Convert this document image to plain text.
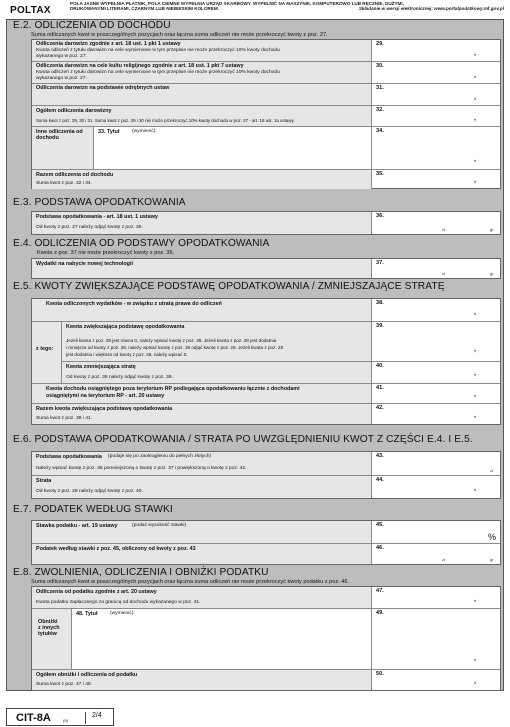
POLTAX
POLA JASNE WYPEŁNIA PŁATNIK, POLA CIEMNE WYPEŁNIA URZĄD SKARBOWY. WYPEŁNIĆ NA MASZYNIE, KOMPUTEROWO LUB RĘCZNIE, DUŻYMI,
DRUKOWANYMI LITERAMI, CZARNYM LUB NIEBIESKIM KOLOREM.	Składanie w wersji elektronicznej: www.portalpodatkowy.mf.gov.pl
E.2. ODLICZENIA OD DOCHODU
Suma odliczanych kwot w poszczególnych pozycjach oraz łączna suma odliczeń nie może przekroczyć kwoty z poz. 27.
Odliczenia darowizn zgodnie z art. 18 ust. 1 pkt 1 ustawy
Kwota odliczeń z tytułu darowizn na cele wymienione w tym przepisie nie może przekroczyć 10% kwoty dochodu
wykazanego w poz. 27.
29.
,
Odliczenia darowizn na cele kultu religijnego zgodnie z art. 18 ust. 1 pkt 7 ustawy
Kwota odliczeń z tytułu darowizn na cele wymienione w tym przepisie nie może przekroczyć 10% kwoty dochodu
wykazanego w poz. 27.
30.
,
Odliczenia darowizn na podstawie odrębnych ustaw	31.
,
Ogółem odliczenia darowizny
Suma kwot z poz. 29, 30 i 31. Suma kwot z poz. 29 i 30 nie może przekroczyć 10% kwoty dochodu w poz. 27 - art. 18 ust. 1a ustawy.
32.
,
Inne odliczenia od dochodu
33. Tytuł	(wymienić):	34.
,
Razem odliczenia od dochodu
Suma kwot z poz. 32 i 34.
35.
,
E.3. PODSTAWA OPODATKOWANIA
Podstawa opodatkowania - art. 18 ust. 1 ustawy
Od kwoty z poz. 27 należy odjąć kwotę z poz. 35.
36.
zł	gr
E.4. ODLICZENIA OD PODSTAWY OPODATKOWANIA
Kwota z poz. 37 nie może przekroczyć kwoty z poz. 36.
Wydatki na nabycie nowej technologii	37.
zł	gr
E.5. KWOTY ZWIĘKSZAJĄCE PODSTAWĘ OPODATKOWANIA / ZMNIEJSZAJĄCE STRATĘ
Kwota odliczonych wydatków - w związku z utratą prawa do odliczeń	38.
,
z tego:
Kwota zwiększająca podstawę opodatkowania
Jeżeli kwota z poz. 28 jest równa 0, należy wpisać kwotę z poz. 38. Jeżeli kwota z poz. 28 jest dodatnia
i mniejsza od kwoty z poz. 38, należy wpisać kwotę z poz. 38 odjąć kwotę z poz. 28. Jeżeli kwota z poz. 28
jest dodatnia i większa od kwoty z poz. 38, należy wpisać 0.
39.
,
Kwota zmniejszająca stratę
Od kwoty z poz. 38 należy odjąć kwotę z poz. 39.
40.
,
Kwota dochodu osiągniętego poza terytorium RP podlegająca opodatkowaniu łącznie z dochodami
osiągniętymi na terytorium RP - art. 20 ustawy
41.
,
Razem kwota zwiększająca podstawę opodatkowania
Suma kwot z poz. 39 i 41.
42.
,
E.6. PODSTAWA OPODATKOWANIA / STRATA PO UWZGLĘDNIENIU KWOT Z CZĘŚCI E.4. I E.5.
Podstawa opodatkowania (podaje się po zaokrągleniu do pełnych złotych)
Należy wpisać kwotę z poz. 36 pomniejszoną o kwotę z poz. 37 i powiększoną o kwotę z poz. 42.
43.
zł
Strata
Od kwoty z poz. 28 należy odjąć kwotę z poz. 40.
44.
,
E.7. PODATEK WEDŁUG STAWKI
Stawka podatku - art. 19 ustawy	(podać wysokość stawki)	45.
%
Podatek według stawki z poz. 45, obliczony od kwoty z poz. 43	46.
zł	gr
E.8. ZWOLNIENIA, ODLICZENIA I OBNIŻKI PODATKU
Suma odliczanych kwot w poszczególnych pozycjach oraz łączna suma odliczeń nie może przekroczyć kwoty podatku z poz. 46.
Odliczenia od podatku zgodnie z art. 20 ustawy
Kwota podatku zapłaconego za granicą od dochodu wykazanego w poz. 41.
47.
,
Obniżki
z innych
tytułów
48. Tytuł	(wymienić):	49.
,
Ogółem obniżki i odliczenia od podatku
Suma kwot z poz. 47 i 49.
50.
,
CIT-8A	(9)
2/4
